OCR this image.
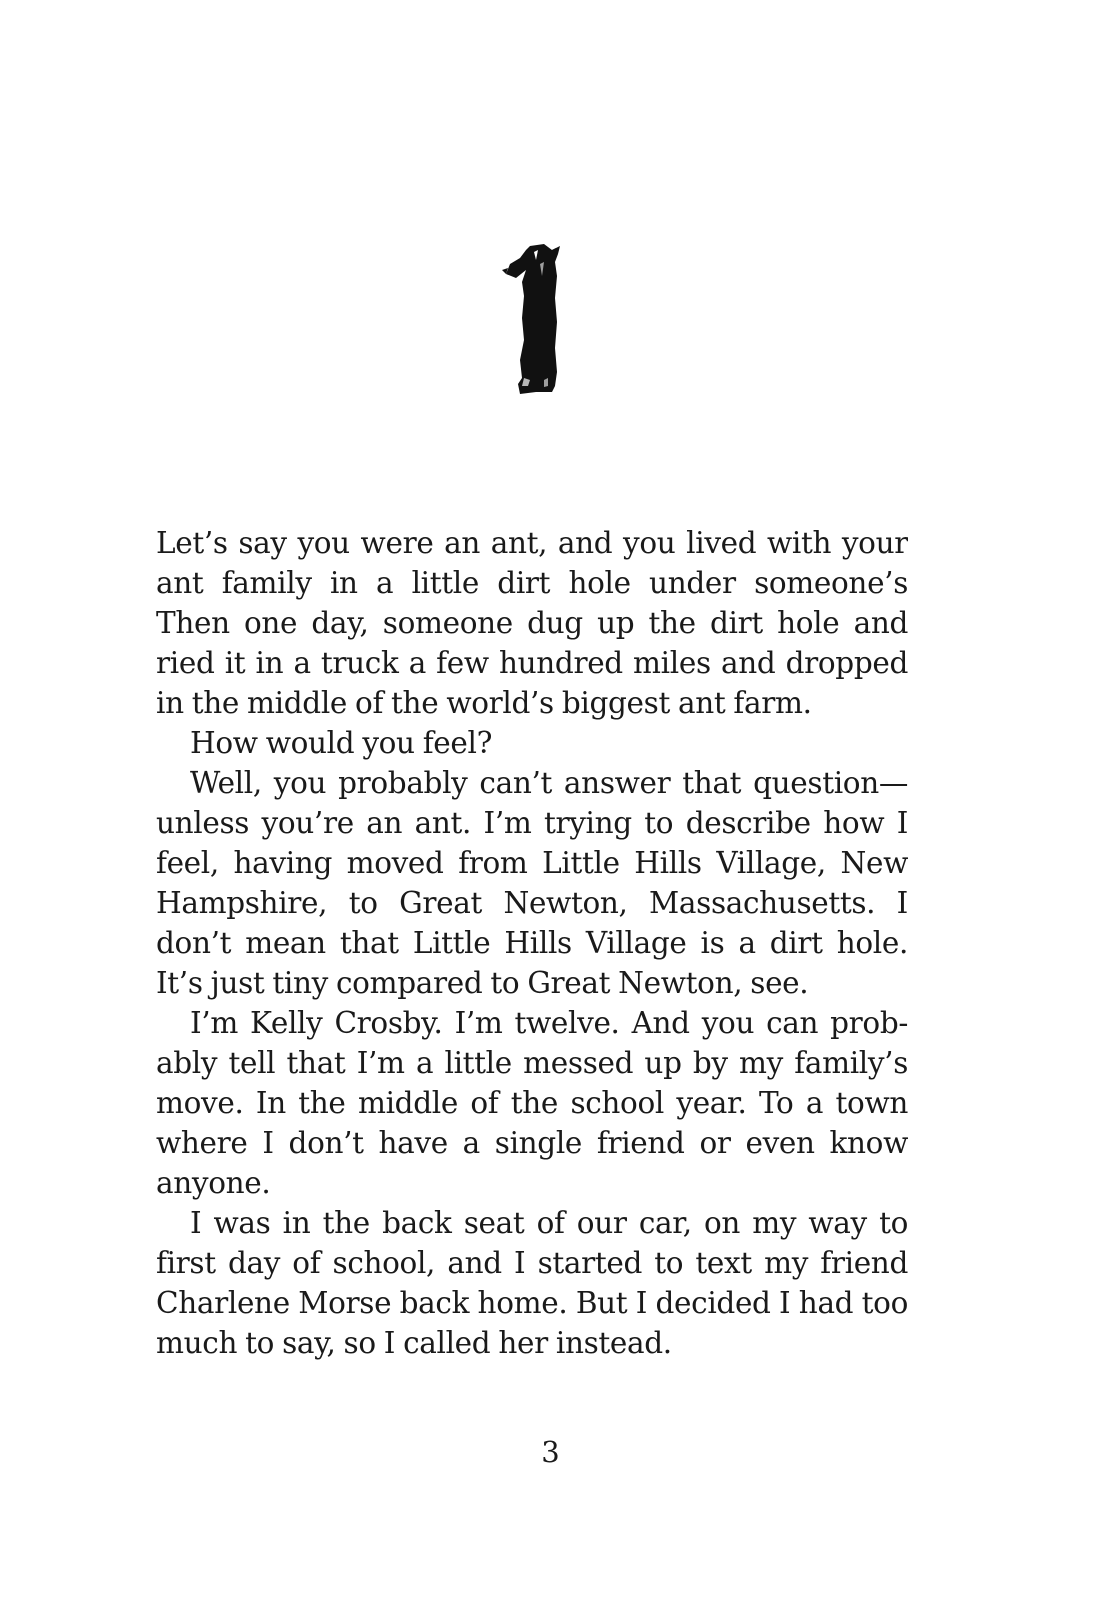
Let’s say you were an ant, and you lived with your
ant family in a little dirt hole under someone’s
Then one day, someone dug up the dirt hole and
ried it in a truck a few hundred miles and dropped
in the middle of the world’s biggest ant farm.
How would you feel?
Well, you probably can’t answer that question—
unless you’re an ant. I’m trying to describe how I
feel, having moved from Little Hills Village, New
Hampshire, to Great Newton, Massachusetts. I
don’t mean that Little Hills Village is a dirt hole.
It’s just tiny compared to Great Newton, see.
I’m Kelly Crosby. I’m twelve. And you can prob-
ably tell that I’m a little messed up by my family’s
move. In the middle of the school year. To a town
where I don’t have a single friend or even know
anyone.
I was in the back seat of our car, on my way to
first day of school, and I started to text my friend
Charlene Morse back home. But I decided I had too
much to say, so I called her instead.
3
